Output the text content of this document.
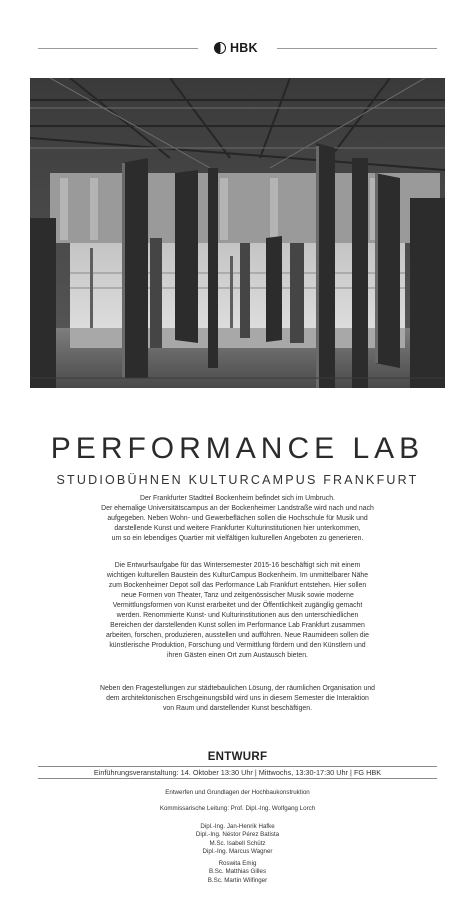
HBK
PERFORMANCE LAB
STUDIOBÜHNEN KULTURCAMPUS FRANKFURT

Der Frankfurter Stadtteil Bockenheim befindet sich im Umbruch.

Der ehemalige Universitätscampus an der Bockenheimer Landstraße wird nach und nach

aufgegeben. Neben Wohn- und Gewerbeflächen sollen die Hochschule für Musik und

darstellende Kunst und weitere Frankfurter Kulturinstitutionen hier unterkommen,

um so ein lebendiges Quartier mit vielfältigen kulturellen Angeboten zu generieren.

Die Entwurfsaufgabe für das Wintersemester 2015-16 beschäftigt sich mit einem

wichtigen kulturellen Baustein des KulturCampus Bockenheim. Im unmittelbarer Nähe

zum Bockenheimer Depot soll das Performance Lab Frankfurt entstehen. Hier sollen

neue Formen von Theater, Tanz und zeitgenössischer Musik sowie moderne

Vermittlungsformen von Kunst erarbeitet und der Öffentlichkeit zugänglig gemacht

werden. Renommierte Kunst- und Kulturinstitutionen aus den unterschiedlichen

Bereichen der darstellenden Kunst sollen im Performance Lab Frankfurt zusammen

arbeiten, forschen, produzieren, ausstellen und aufführen. Neue Raumideen sollen die

künstlerische Produktion, Forschung und Vermittlung fördern und den Künstlern und

ihren Gästen einen Ort zum Austausch bieten.

Neben den Fragestellungen zur städtebaulichen Lösung, der räumlichen Organisation und

dem architektonischen Erschgeinungsbild wird uns in diesem Semester die Interaktion

von Raum und darstellender Kunst beschäftigen.

ENTWURF
Einführungsveranstaltung: 14. Oktober 13:30 Uhr | Mittwochs, 13:30-17:30 Uhr | FG HBK
Entwerfen und Grundlagen der Hochbaukonstruktion
Kommissarische Leitung: Prof. Dipl.-Ing. Wolfgang Lorch
Dipl.-Ing. Jan-Henrik Hafke
Dipl.-Ing. Néstor Pérez Batista
M.Sc. Isabell Schütz
Dipl.-Ing. Marcus Wagner
Roswita Emig
B.Sc. Matthias Gilles
B.Sc. Martin Wilfinger
